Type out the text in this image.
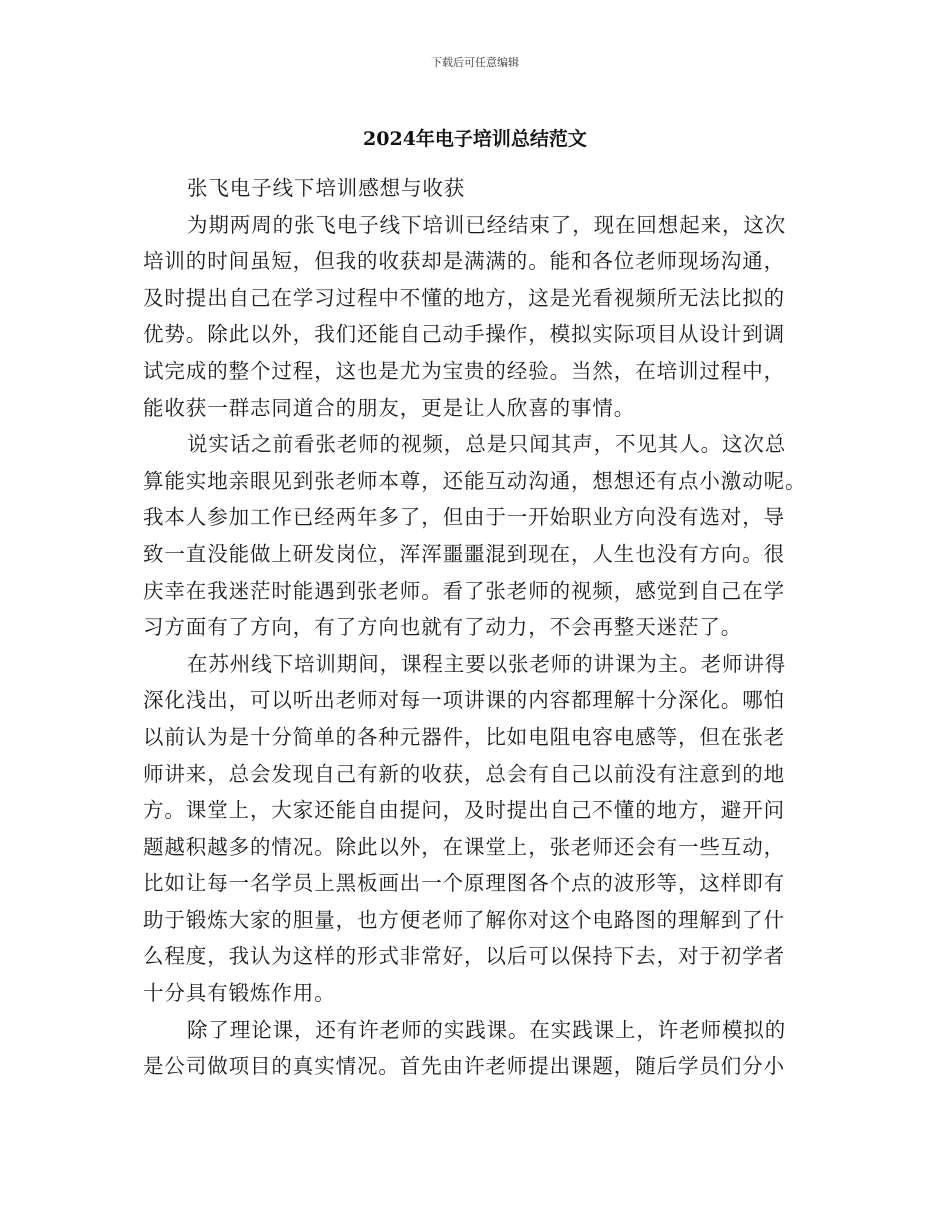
下载后可任意编辑
2024年电子培训总结范文
张飞电子线下培训感想与收获
为期两周的张飞电子线下培训已经结束了，现在回想起来，这次
培训的时间虽短，但我的收获却是满满的。能和各位老师现场沟通，
及时提出自己在学习过程中不懂的地方，这是光看视频所无法比拟的
优势。除此以外，我们还能自己动手操作，模拟实际项目从设计到调
试完成的整个过程，这也是尤为宝贵的经验。当然，在培训过程中，
能收获一群志同道合的朋友，更是让人欣喜的事情。
说实话之前看张老师的视频，总是只闻其声，不见其人。这次总
算能实地亲眼见到张老师本尊，还能互动沟通，想想还有点小激动呢。
我本人参加工作已经两年多了，但由于一开始职业方向没有选对，导
致一直没能做上研发岗位，浑浑噩噩混到现在，人生也没有方向。很
庆幸在我迷茫时能遇到张老师。看了张老师的视频，感觉到自己在学
习方面有了方向，有了方向也就有了动力，不会再整天迷茫了。
在苏州线下培训期间，课程主要以张老师的讲课为主。老师讲得
深化浅出，可以听出老师对每一项讲课的内容都理解十分深化。哪怕
以前认为是十分简单的各种元器件，比如电阻电容电感等，但在张老
师讲来，总会发现自己有新的收获，总会有自己以前没有注意到的地
方。课堂上，大家还能自由提问，及时提出自己不懂的地方，避开问
题越积越多的情况。除此以外，在课堂上，张老师还会有一些互动，
比如让每一名学员上黑板画出一个原理图各个点的波形等，这样即有
助于锻炼大家的胆量，也方便老师了解你对这个电路图的理解到了什
么程度，我认为这样的形式非常好，以后可以保持下去，对于初学者
十分具有锻炼作用。
除了理论课，还有许老师的实践课。在实践课上，许老师模拟的
是公司做项目的真实情况。首先由许老师提出课题，随后学员们分小
